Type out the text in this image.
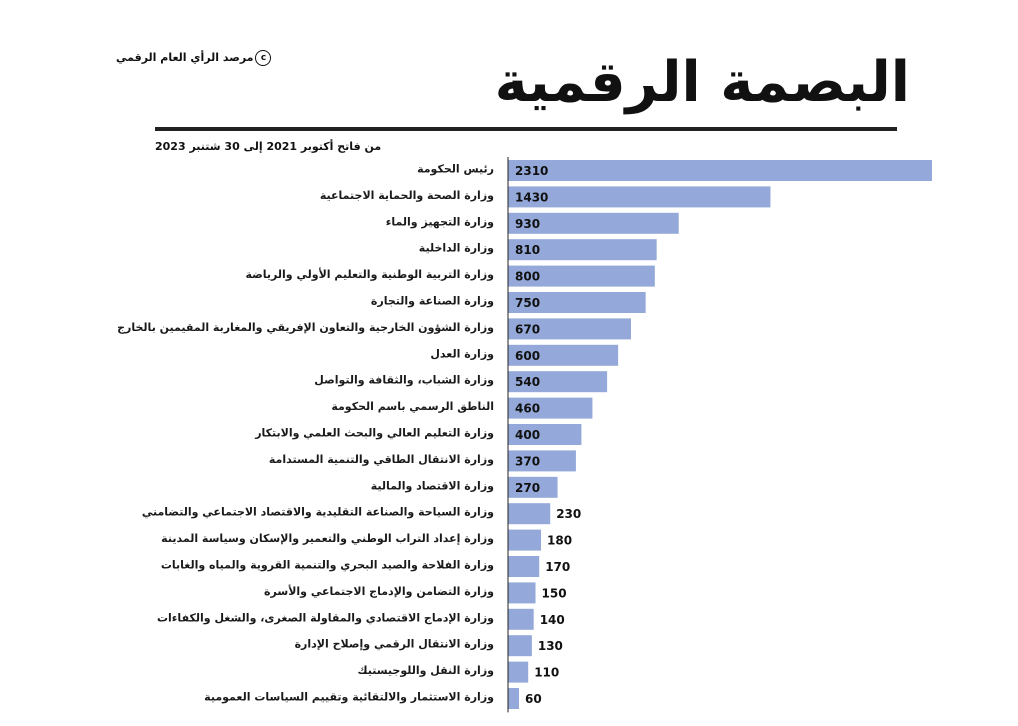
cمرصد الرأي العام الرقمي	البصمة الرقمية
من فاتح أكتوبر 2021 إلى 30 شتنبر 2023
2310
رئيس الحكومة
1430
وزارة الصحة والحماية الاجتماعية
930
وزارة التجهيز والماء
810
وزارة الداخلية
800
وزارة التربية الوطنية والتعليم الأولي والرياضة
750
وزارة الصناعة والتجارة
670
وزارة الشؤون الخارجية والتعاون الإفريقي والمغاربة المقيمين بالخارج
600
وزارة العدل
540
وزارة الشباب، والثقافة والتواصل
460
الناطق الرسمي باسم الحكومة
400
وزارة التعليم العالي والبحث العلمي والابتكار
370
وزارة الانتقال الطاقي والتنمية المستدامة
270
وزارة الاقتصاد والمالية
230
وزارة السياحة والصناعة التقليدية والاقتصاد الاجتماعي والتضامني
180
وزارة إعداد التراب الوطني والتعمير والإسكان وسياسة المدينة
170
وزارة الفلاحة والصيد البحري والتنمية القروية والمياه والغابات
150
وزارة التضامن والإدماج الاجتماعي والأسرة
140
وزارة الإدماج الاقتصادي والمقاولة الصغرى، والشغل والكفاءات
130
وزارة الانتقال الرقمي وإصلاح الإدارة
110
وزارة النقل واللوجيستيك
60
وزارة الاستثمار والالتقائية وتقييم السياسات العمومية
